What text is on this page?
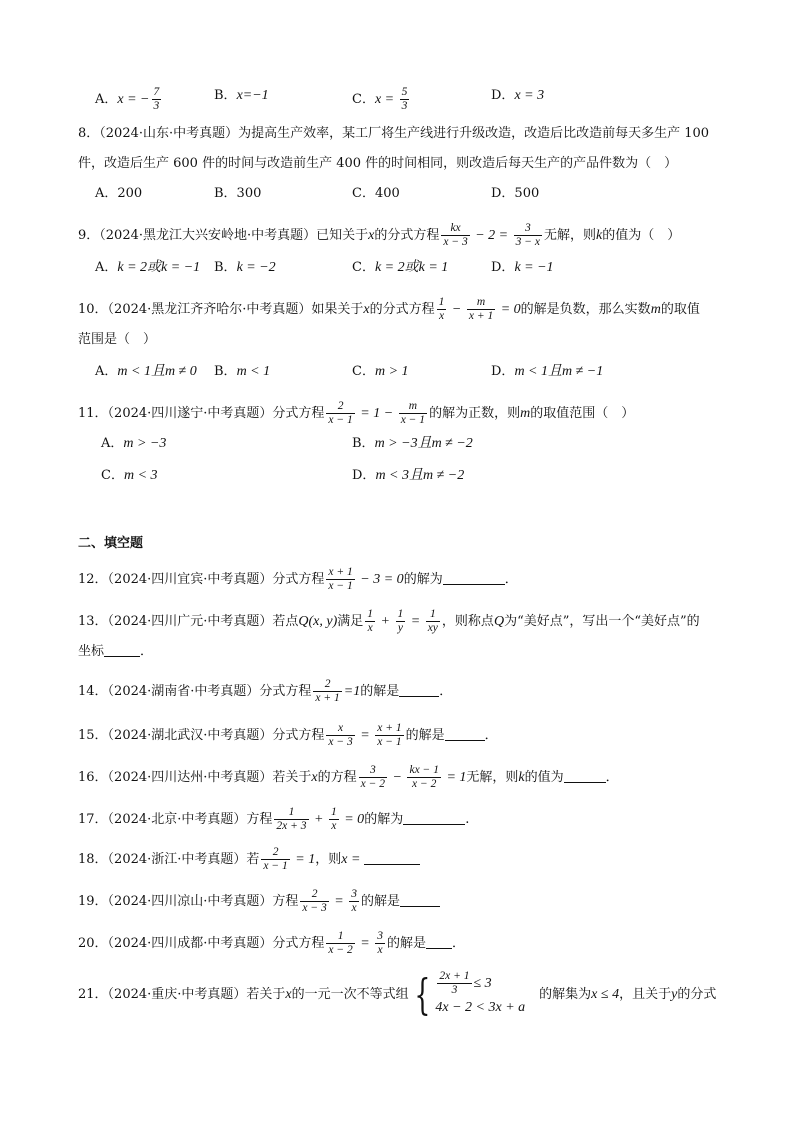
A．x = − $\frac{7}{3}$	B．x=−1	C．$x = \frac{5}{3}$	D．x = 3
8．（2024·山东·中考真题）为提高生产效率，某工厂将生产线进行升级改造，改造后比改造前每天多生产 100
件，改造后生产 600 件的时间与改造前生产 400 件的时间相同，则改造后每天生产的产品件数为（　）
A．200	B．300	C．400	D．500
9．（2024·黑龙江大兴安岭地·中考真题）已知关于x的分式方程 $\frac{kx}{x - 3} - 2 = \frac{3}{3 - x}$ 无解，则k的值为（　）
A．k = 2或k = −1 B．k = −2	C．k = 2或k = 1	D．k = −1
10．（2024·黑龙江齐齐哈尔·中考真题）如果关于x的分式方程 $\frac{1}{x} - \frac{m}{x + 1} = 0$的解是负数，那么实数m的取值
范围是（　）
A．m < 1且m ≠ 0 B．m < 1	C．m > 1	D．m < 1且m ≠ −1
11．（2024·四川遂宁·中考真题）分式方程 $\frac{2}{x - 1} = 1 - \frac{m}{x - 1}$ 的解为正数，则m的取值范围（　）
A．m > −3	B．m > −3且m ≠ −2
C．m < 3	D．m < 3且m ≠ −2
二、填空题
12．（2024·四川宜宾·中考真题）分式方程 $\frac{x + 1}{x - 1} - 3 = 0$的解为	．
13．（2024·四川广元·中考真题）若点Q(x, y)满足 $\frac{1}{x} + \frac{1}{y} = \frac{1}{xy}$ ，则称点Q为“美好点”，写出一个“美好点”的
坐标	．
14．（2024·湖南省·中考真题）分式方程 $\frac{2}{x + 1} =1$的解是	．
15．（2024·湖北武汉·中考真题）分式方程 $\frac{x}{x - 3} = \frac{x + 1}{x - 1}$ 的解是	．
16．（2024·四川达州·中考真题）若关于x的方程 $\frac{3}{x - 2} - \frac{kx - 1}{x - 2} = 1$无解，则k的值为	．
17．（2024·北京·中考真题）方程 $\frac{1}{2x + 3} + \frac{1}{x} = 0$的解为	.
18．（2024·浙江·中考真题）若 $\frac{2}{x - 1} = 1$，则x =
19．（2024·四川凉山·中考真题）方程 $\frac{2}{x - 3} = \frac{3}{x}$ 的解是
20．（2024·四川成都·中考真题）分式方程 $\frac{1}{x - 2} = \frac{3}{x}$ 的解是 ．
21．（2024·重庆·中考真题）若关于x的一元一次不等式组 { $\frac{2x + 1}{3} \le 3$
4x − 2 < 3x + a
的解集为x ≤ 4，且关于y的分式
